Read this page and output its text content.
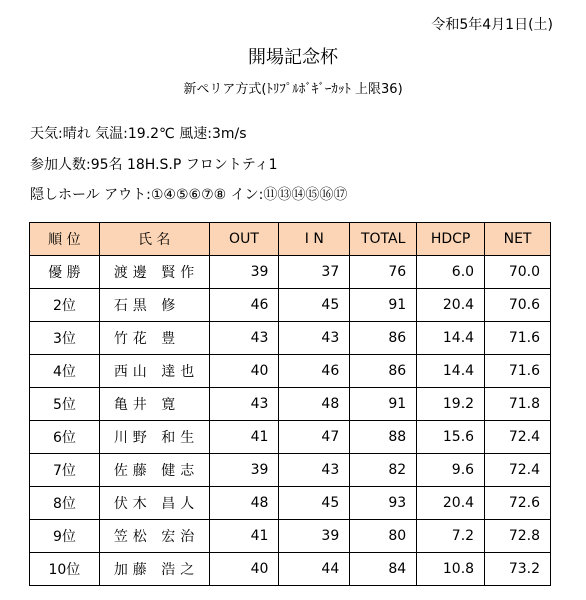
令和5年4月1日(土)
開場記念杯
新ペリア方式(ﾄﾘﾌﾟﾙﾎﾞｷﾞｰｶｯﾄ 上限36)
天気:晴れ 気温:19.2℃ 風速:3m/s
参加人数:95名 18H.S.P フロントティ1
隠しホール アウト:①④⑤⑥⑦⑧ イン:⑪⑬⑭⑮⑯⑰
順 位	氏 名	OUT	I N	TOTAL	HDCP	NET
優 勝	渡邊 賢作	39	37	76	6.0	70.0
2位	石黒 修	46	45	91	20.4	70.6
3位	竹花 豊	43	43	86	14.4	71.6
4位	西山 達也	40	46	86	14.4	71.6
5位	亀井 寛	43	48	91	19.2	71.8
6位	川野 和生	41	47	88	15.6	72.4
7位	佐藤 健志	39	43	82	9.6	72.4
8位	伏木 昌人	48	45	93	20.4	72.6
9位	笠松 宏治	41	39	80	7.2	72.8
10位	加藤 浩之	40	44	84	10.8	73.2
